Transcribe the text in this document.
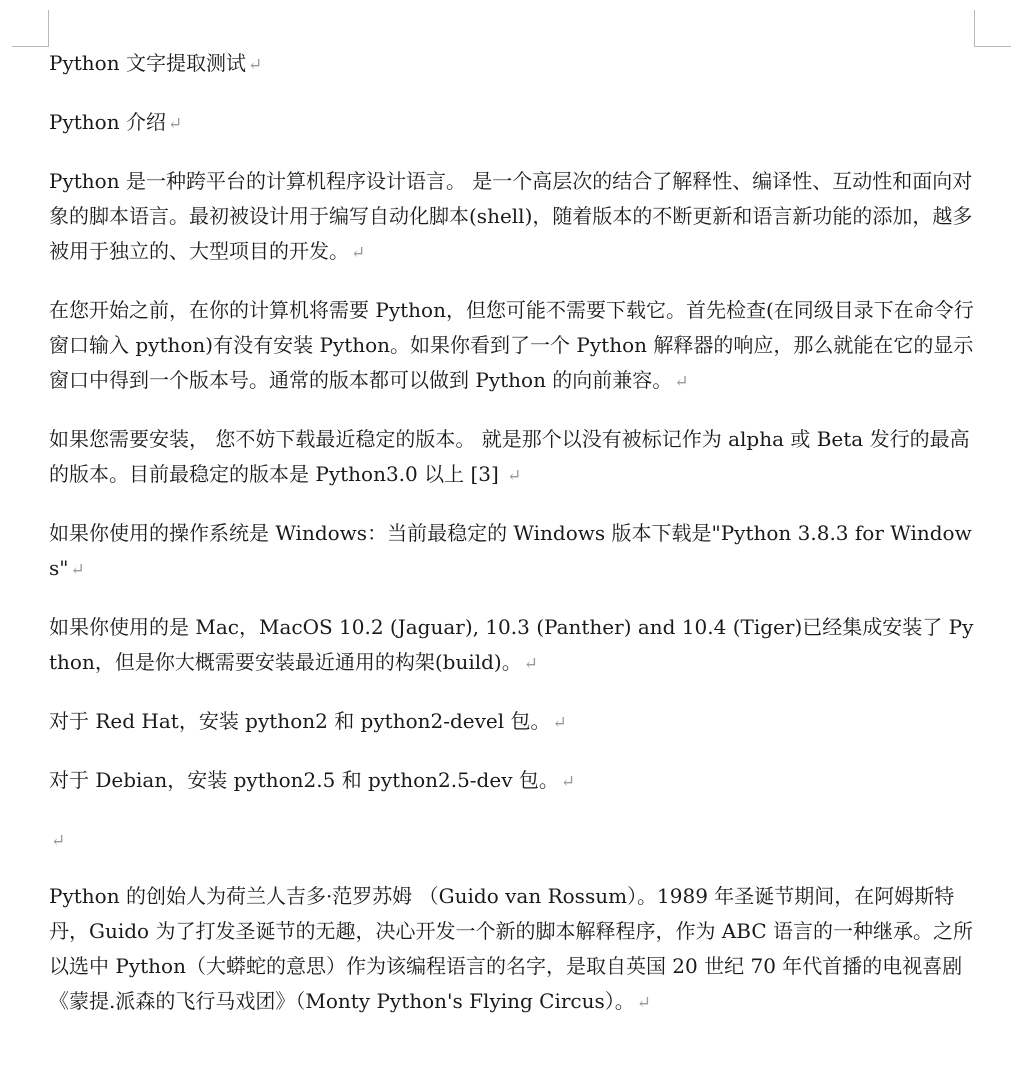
Python 文字提取测试 ↵

Python 介绍 ↵

Python 是一种跨平台的计算机程序设计语言。 是一个高层次的结合了解释性、编译性、互动性和面向对象的脚本语言。最初被设计用于编写自动化脚本(shell)，随着版本的不断更新和语言新功能的添加，越多被用于独立的、大型项目的开发。 ↵

在您开始之前，在你的计算机将需要 Python，但您可能不需要下载它。首先检查(在同级目录下在命令行窗口输入 python)有没有安装 Python。如果你看到了一个 Python 解释器的响应，那么就能在它的显示窗口中得到一个版本号。通常的版本都可以做到 Python 的向前兼容。 ↵

如果您需要安装， 您不妨下载最近稳定的版本。 就是那个以没有被标记作为 alpha 或 Beta 发行的最高的版本。目前最稳定的版本是 Python3.0 以上 [3] ↵

如果你使用的操作系统是 Windows：当前最稳定的 Windows 版本下载是"Python 3.8.3 for Windows" ↵

如果你使用的是 Mac，MacOS 10.2 (Jaguar), 10.3 (Panther) and 10.4 (Tiger)已经集成安装了 Python，但是你大概需要安装最近通用的构架(build)。 ↵

对于 Red Hat，安装 python2 和 python2-devel 包。 ↵

对于 Debian，安装 python2.5 和 python2.5-dev 包。 ↵

↵

Python 的创始人为荷兰人吉多·范罗苏姆 （Guido van Rossum）。1989 年圣诞节期间，在阿姆斯特丹，Guido 为了打发圣诞节的无趣，决心开发一个新的脚本解释程序，作为 ABC 语言的一种继承。之所以选中 Python（大蟒蛇的意思）作为该编程语言的名字，是取自英国 20 世纪 70 年代首播的电视喜剧《蒙提.派森的飞行马戏团》（Monty Python's Flying Circus）。 ↵
